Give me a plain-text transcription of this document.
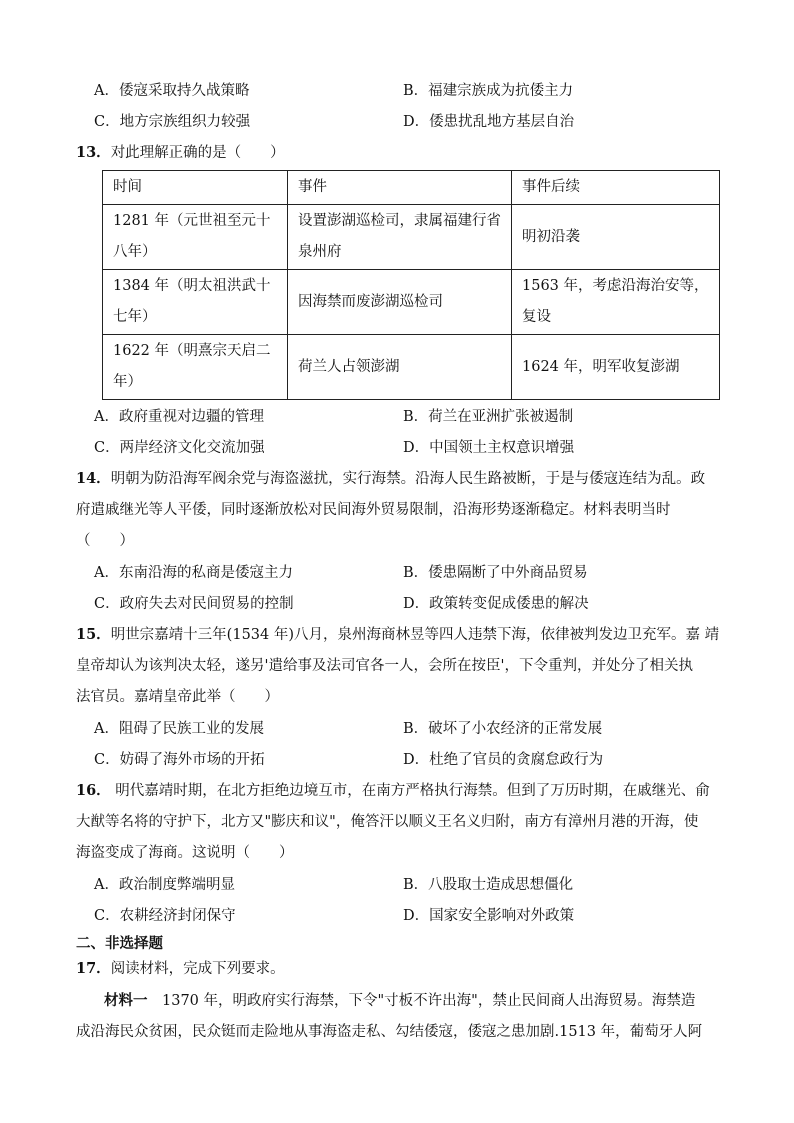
A．倭寇采取持久战策略	B．福建宗族成为抗倭主力
C．地方宗族组织力较强	D．倭患扰乱地方基层自治
13．对此理解正确的是（　　）
时间	事件	事件后续
1281 年（元世祖至元十八年）	设置澎湖巡检司，隶属福建行省泉州府	明初沿袭
1384 年（明太祖洪武十七年）	因海禁而废澎湖巡检司	1563 年，考虑沿海治安等，复设
1622 年（明熹宗天启二年）	荷兰人占领澎湖	1624 年，明军收复澎湖
A．政府重视对边疆的管理	B．荷兰在亚洲扩张被遏制
C．两岸经济文化交流加强	D．中国领土主权意识增强
14．明朝为防沿海军阀余党与海盗滋扰，实行海禁。沿海人民生路被断，于是与倭寇连结为乱。政
府遣戚继光等人平倭，同时逐渐放松对民间海外贸易限制，沿海形势逐渐稳定。材料表明当时
（　　）
A．东南沿海的私商是倭寇主力	B．倭患隔断了中外商品贸易
C．政府失去对民间贸易的控制	D．政策转变促成倭患的解决
15．明世宗嘉靖十三年(1534 年)八月，泉州海商林昱等四人违禁下海，依律被判发边卫充军。嘉 靖
皇帝却认为该判决太轻，遂另'遣给事及法司官各一人，会所在按臣'，下令重判，并处分了相关执
法官员。嘉靖皇帝此举（　　）
A．阻碍了民族工业的发展	B．破坏了小农经济的正常发展
C．妨碍了海外市场的开拓	D．杜绝了官员的贪腐怠政行为
16． 明代嘉靖时期，在北方拒绝边境互市，在南方严格执行海禁。但到了万历时期，在戚继光、俞
大猷等名将的守护下，北方又"膨庆和议"，俺答汗以顺义王名义归附，南方有漳州月港的开海，使
海盗变成了海商。这说明（　　）
A．政治制度弊端明显	B．八股取士造成思想僵化
C．农耕经济封闭保守	D．国家安全影响对外政策
二、非选择题
17．阅读材料，完成下列要求。
材料一　1370 年，明政府实行海禁，下令"寸板不许出海"，禁止民间商人出海贸易。海禁造
成沿海民众贫困，民众铤而走险地从事海盗走私、勾结倭寇，倭寇之患加剧.1513 年，葡萄牙人阿
